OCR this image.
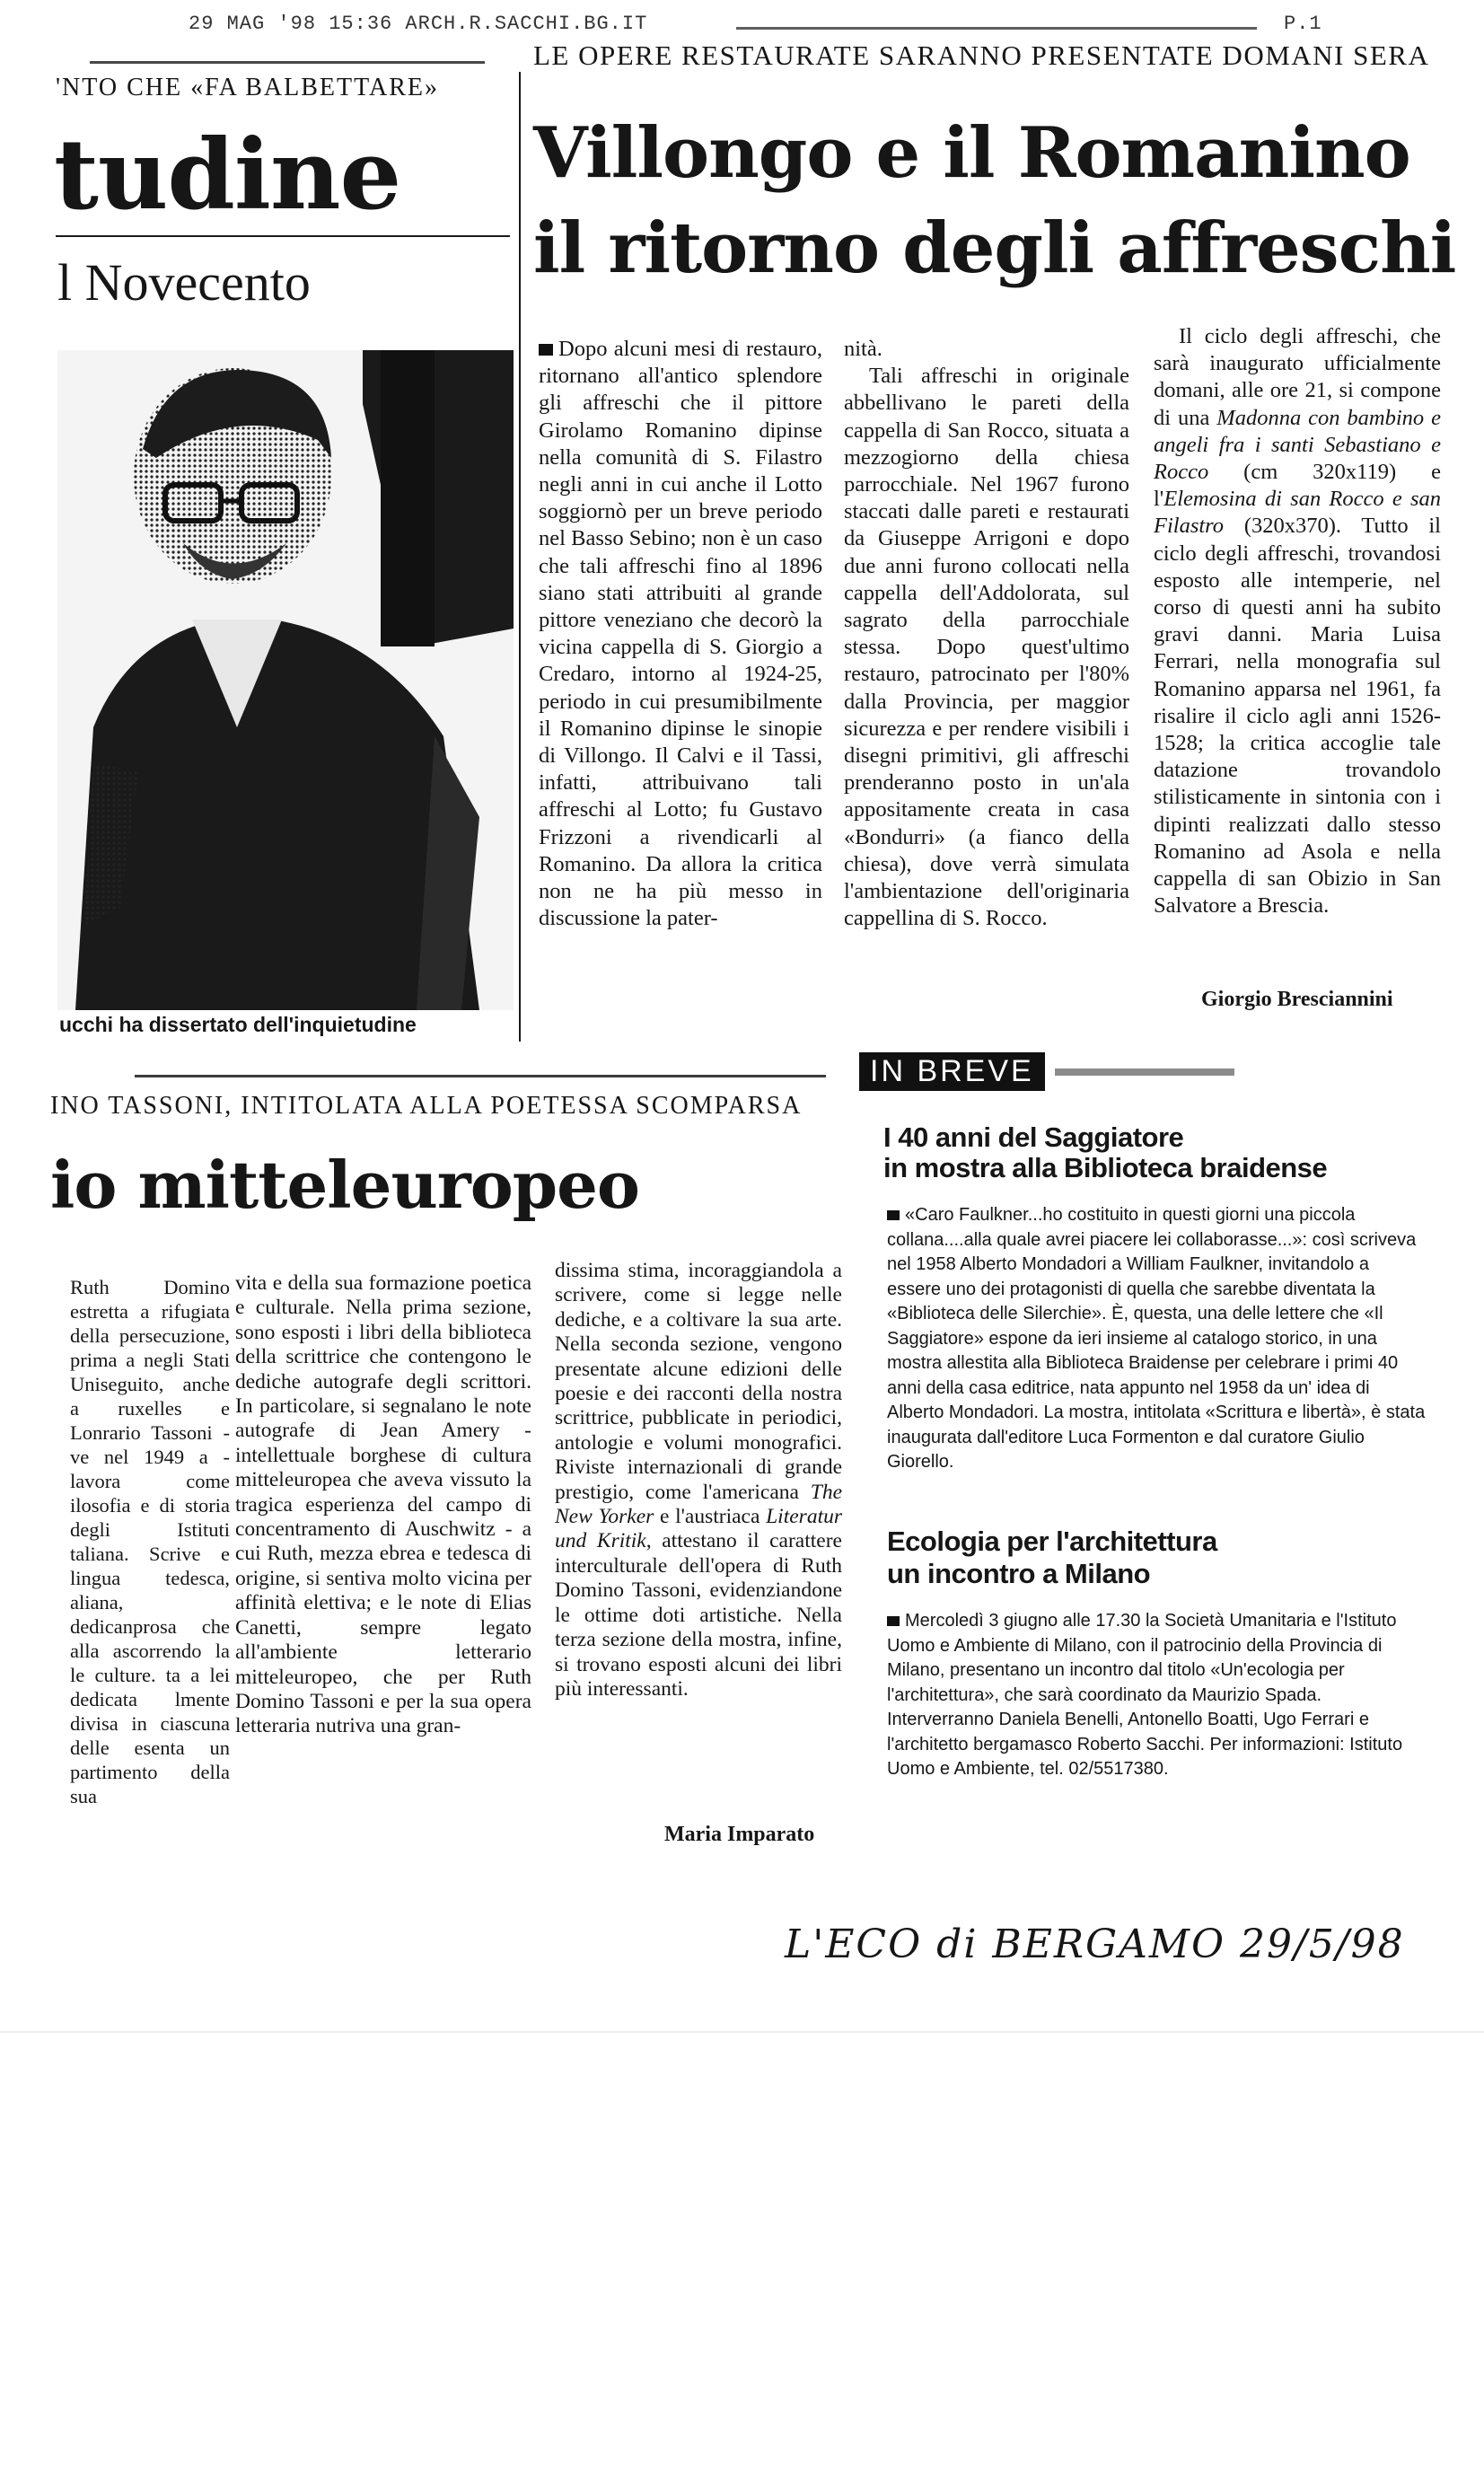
29 MAG '98 15:36 ARCH.R.SACCHI.BG.IT	P.1
'NTO CHE «FA BALBETTARE»
tudine
l Novecento
ucchi ha dissertato dell'inquietudine
LE OPERE RESTAURATE SARANNO PRESENTATE DOMANI SERA
Villongo e il Romanino
il ritorno degli affreschi

Dopo alcuni mesi di restauro, ritornano all'antico splendore gli affreschi che il pittore Girolamo Romanino dipinse nella comunità di S. Filastro negli anni in cui anche il Lotto soggiornò per un breve periodo nel Basso Sebino; non è un caso che tali affreschi fino al 1896 siano stati attribuiti al grande pittore veneziano che decorò la vicina cappella di S. Giorgio a Credaro, intorno al 1924-25, periodo in cui presumibilmente il Romanino dipinse le sinopie di Villongo. Il Calvi e il Tassi, infatti, attribuivano tali affreschi al Lotto; fu Gustavo Frizzoni a rivendicarli al Romanino. Da allora la critica non ne ha più messo in discussione la pater-

nità.

Tali affreschi in originale abbellivano le pareti della cappella di San Rocco, situata a mezzogiorno della chiesa parrocchiale. Nel 1967 furono staccati dalle pareti e restaurati da Giuseppe Arrigoni e dopo due anni furono collocati nella cappella dell'Addolorata, sul sagrato della parrocchiale stessa. Dopo quest'ultimo restauro, patrocinato per l'80% dalla Provincia, per maggior sicurezza e per rendere visibili i disegni primitivi, gli affreschi prenderanno posto in un'ala appositamente creata in casa «Bondurri» (a fianco della chiesa), dove verrà simulata l'ambientazione dell'originaria cappellina di S. Rocco.

Il ciclo degli affreschi, che sarà inaugurato ufficialmente domani, alle ore 21, si compone di una Madonna con bambino e angeli fra i santi Sebastiano e Rocco (cm 320x119) e l'Elemosina di san Rocco e san Filastro (320x370). Tutto il ciclo degli affreschi, trovandosi esposto alle intemperie, nel corso di questi anni ha subito gravi danni. Maria Luisa Ferrari, nella monografia sul Romanino apparsa nel 1961, fa risalire il ciclo agli anni 1526-1528; la critica accoglie tale datazione trovandolo stilisticamente in sintonia con i dipinti realizzati dallo stesso Romanino ad Asola e nella cappella di san Obizio in San Salvatore a Brescia.

Giorgio Bresciannini
IN BREVE
INO TASSONI, INTITOLATA ALLA POETESSA SCOMPARSA
io mitteleuropeo

Ruth Domino estretta a rifugiata della persecuzione, prima a negli Stati Uniseguito, anche a ruxelles e Lonrario Tassoni - ve nel 1949 a - lavora come ilosofia e di storia degli Istituti taliana. Scrive e lingua tedesca, aliana, dedicanprosa che alla ascorrendo la le culture. ta a lei dedicata lmente divisa in ciascuna delle esenta un partimento della sua

vita e della sua formazione poetica e culturale. Nella prima sezione, sono esposti i libri della biblioteca della scrittrice che contengono le dediche autografe degli scrittori. In particolare, si segnalano le note autografe di Jean Amery - intellettuale borghese di cultura mitteleuropea che aveva vissuto la tragica esperienza del campo di concentramento di Auschwitz - a cui Ruth, mezza ebrea e tedesca di origine, si sentiva molto vicina per affinità elettiva; e le note di Elias Canetti, sempre legato all'ambiente letterario mitteleuropeo, che per Ruth Domino Tassoni e per la sua opera letteraria nutriva una gran-

dissima stima, incoraggiandola a scrivere, come si legge nelle dediche, e a coltivare la sua arte. Nella seconda sezione, vengono presentate alcune edizioni delle poesie e dei racconti della nostra scrittrice, pubblicate in periodici, antologie e volumi monografici. Riviste internazionali di grande prestigio, come l'americana The New Yorker e l'austriaca Literatur und Kritik, attestano il carattere interculturale dell'opera di Ruth Domino Tassoni, evidenziandone le ottime doti artistiche. Nella terza sezione della mostra, infine, si trovano esposti alcuni dei libri più interessanti.

Maria Imparato
I 40 anni del Saggiatore
in mostra alla Biblioteca braidense

«Caro Faulkner...ho costituito in questi giorni una piccola collana....alla quale avrei piacere lei collaborasse...»: così scriveva nel 1958 Alberto Mondadori a William Faulkner, invitandolo a essere uno dei protagonisti di quella che sarebbe diventata la «Biblioteca delle Silerchie». È, questa, una delle lettere che «Il Saggiatore» espone da ieri insieme al catalogo storico, in una mostra allestita alla Biblioteca Braidense per celebrare i primi 40 anni della casa editrice, nata appunto nel 1958 da un' idea di Alberto Mondadori. La mostra, intitolata «Scrittura e libertà», è stata inaugurata dall'editore Luca Formenton e dal curatore Giulio Giorello.

Ecologia per l'architettura
un incontro a Milano

Mercoledì 3 giugno alle 17.30 la Società Umanitaria e l'Istituto Uomo e Ambiente di Milano, con il patrocinio della Provincia di Milano, presentano un incontro dal titolo «Un'ecologia per l'architettura», che sarà coordinato da Maurizio Spada. Interverranno Daniela Benelli, Antonello Boatti, Ugo Ferrari e l'architetto bergamasco Roberto Sacchi. Per informazioni: Istituto Uomo e Ambiente, tel. 02/5517380.

L'ECO di BERGAMO 29/5/98
